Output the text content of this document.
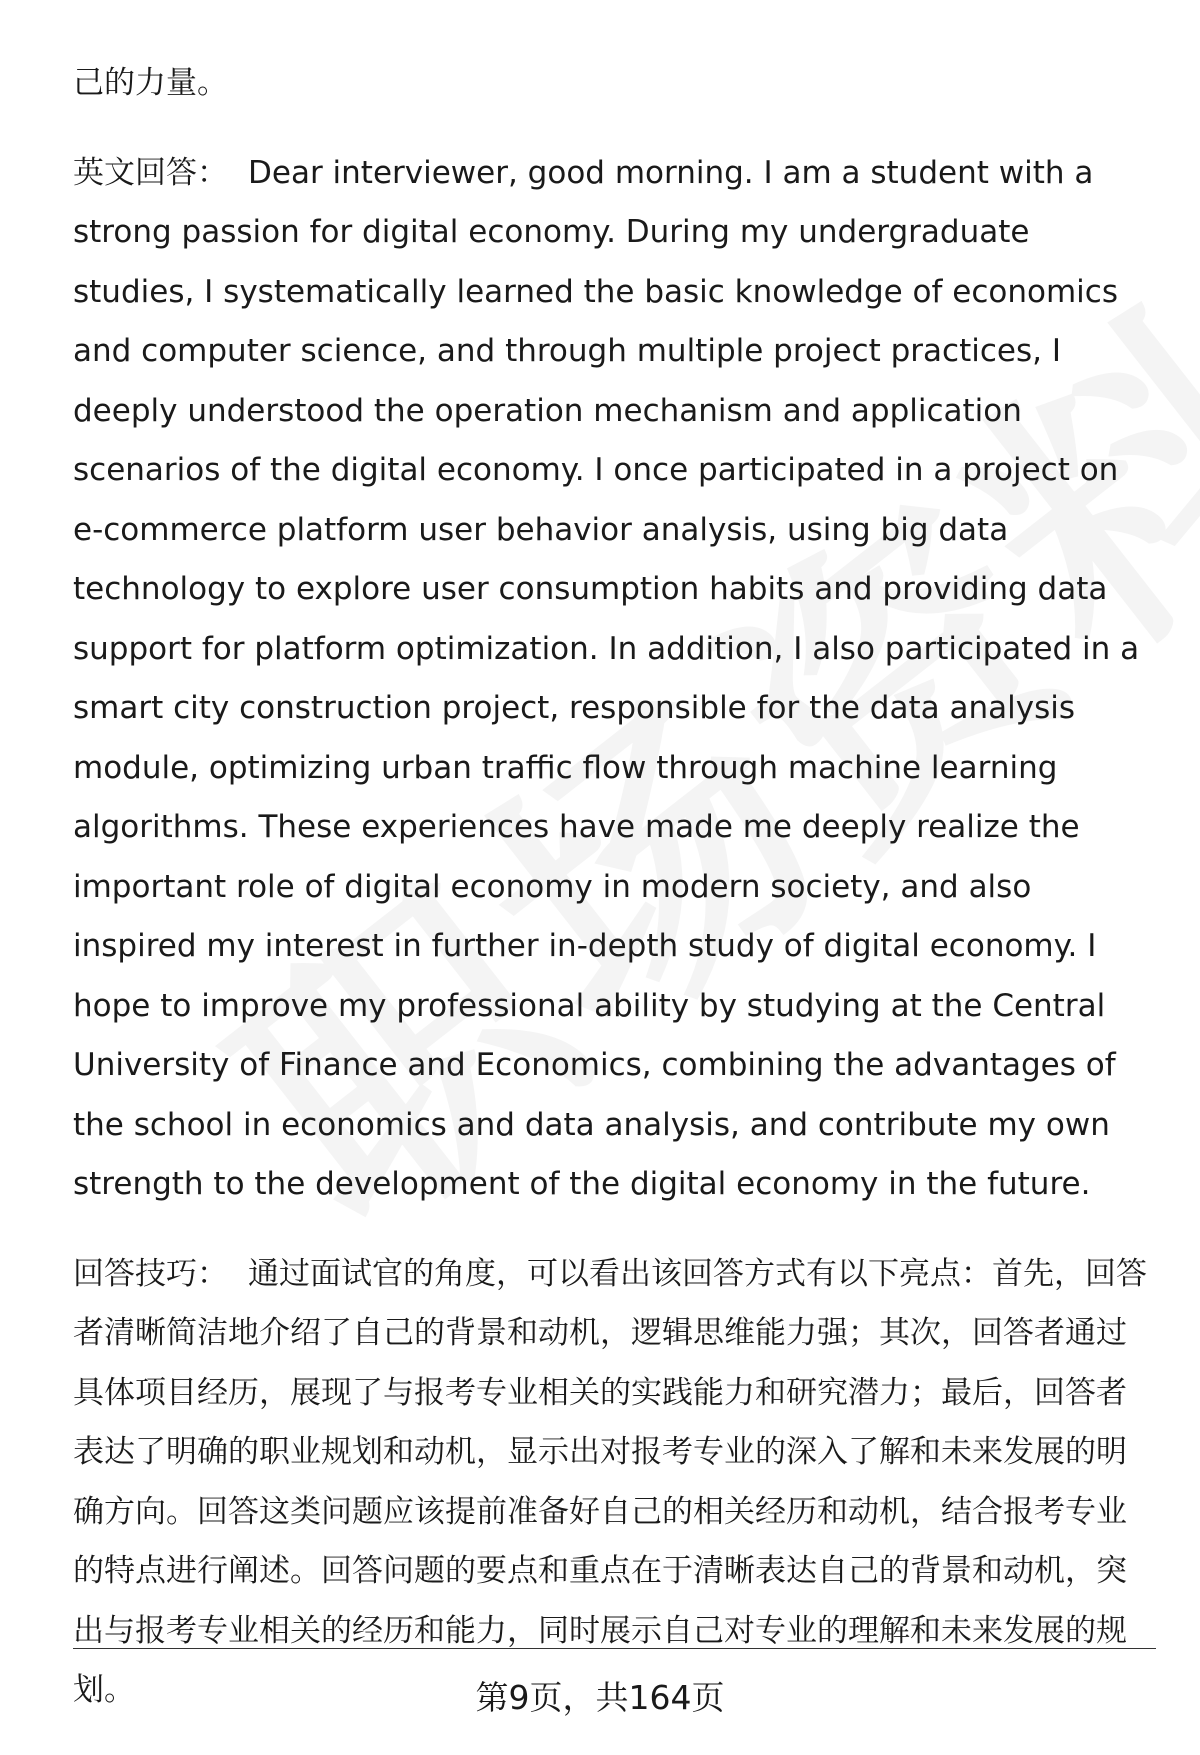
己的力量。

英文回答： Dear interviewer, good morning. I am a student with a strong passion for digital economy. During my undergraduate studies, I systematically learned the basic knowledge of economics and computer science, and through multiple project practices, I deeply understood the operation mechanism and application scenarios of the digital economy. I once participated in a project on e-commerce platform user behavior analysis, using big data technology to explore user consumption habits and providing data support for platform optimization. In addition, I also participated in a smart city construction project, responsible for the data analysis module, optimizing urban traffic flow through machine learning algorithms. These experiences have made me deeply realize the important role of digital economy in modern society, and also inspired my interest in further in-depth study of digital economy. I hope to improve my professional ability by studying at the Central University of Finance and Economics, combining the advantages of the school in economics and data analysis, and contribute my own strength to the development of the digital economy in the future.

回答技巧： 通过面试官的角度，可以看出该回答方式有以下亮点：首先，回答者清晰简洁地介绍了自己的背景和动机，逻辑思维能力强；其次，回答者通过具体项目经历，展现了与报考专业相关的实践能力和研究潜力；最后，回答者表达了明确的职业规划和动机，显示出对报考专业的深入了解和未来发展的明确方向。回答这类问题应该提前准备好自己的相关经历和动机，结合报考专业的特点进行阐述。回答问题的要点和重点在于清晰表达自己的背景和动机，突出与报考专业相关的经历和能力，同时展示自己对专业的理解和未来发展的规划。	第9页，共164页
